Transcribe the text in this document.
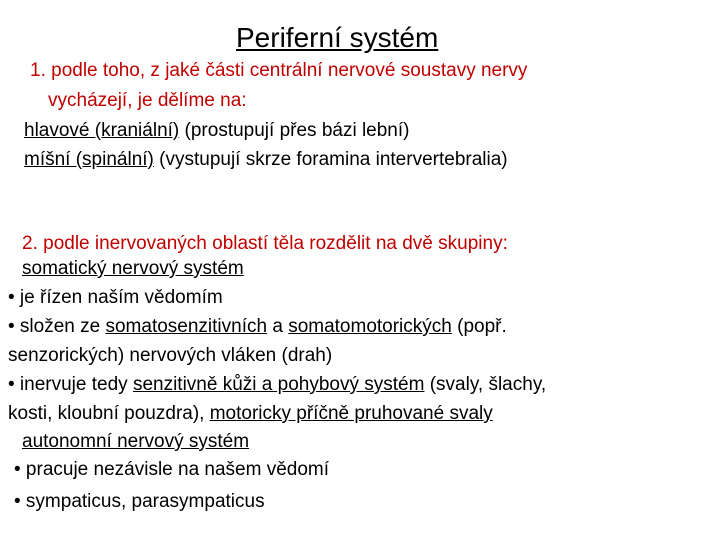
Periferní systém
1. podle toho, z jaké části centrální nervové soustavy nervy
vycházejí, je dělíme na:
hlavové (kraniální) (prostupují přes bázi lební)
míšní (spinální) (vystupují skrze foramina intervertebralia)
2. podle inervovaných oblastí těla rozdělit na dvě skupiny:
somatický nervový systém
• je řízen naším vědomím
• složen ze somatosenzitivních a somatomotorických (popř.
senzorických) nervových vláken (drah)
• inervuje tedy senzitivně kůži a pohybový systém (svaly, šlachy,
kosti, kloubní pouzdra), motoricky příčně pruhované svaly
autonomní nervový systém
• pracuje nezávisle na našem vědomí
• sympaticus, parasympaticus
